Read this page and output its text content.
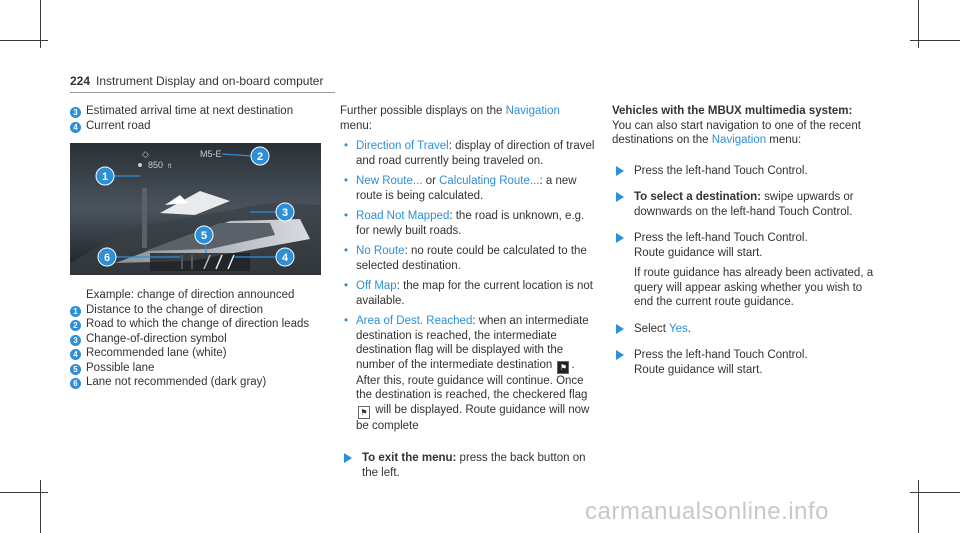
224 Instrument Display and on-board computer
3 Estimated arrival time at next destination
4 Current road
◇
850 ft
M5-E
1
2
3
4
5
6
Example: change of direction announced
1 Distance to the change of direction
2 Road to which the change of direction leads
3 Change-of-direction symbol
4 Recommended lane (white)
5 Possible lane
6 Lane not recommended (dark gray)
Further possible displays on the Navigation
menu:
• Direction of Travel: display of direction of travel and road currently being traveled on.
• New Route... or Calculating Route...: a new route is being calculated.
• Road Not Mapped: the road is unknown, e.g. for newly built roads.
• No Route: no route could be calculated to the selected destination.
• Off Map: the map for the current location is not available.
• Area of Dest. Reached: when an intermediate destination is reached, the intermediate destination flag will be displayed with the number of the intermediate destination ⚑ . After this, route guidance will continue. Once the destination is reached, the checkered flag ⚑ will be displayed. Route guidance will now be complete
To exit the menu: press the back button on the left.
Vehicles with the MBUX multimedia system:
You can also start navigation to one of the recent destinations on the Navigation menu:
Press the left-hand Touch Control.
To select a destination: swipe upwards or downwards on the left-hand Touch Control.
Press the left-hand Touch Control.
Route guidance will start.
If route guidance has already been activated, a query will appear asking whether you wish to end the current route guidance.
Select Yes.
Press the left-hand Touch Control.
Route guidance will start.
carmanualsonline.info
